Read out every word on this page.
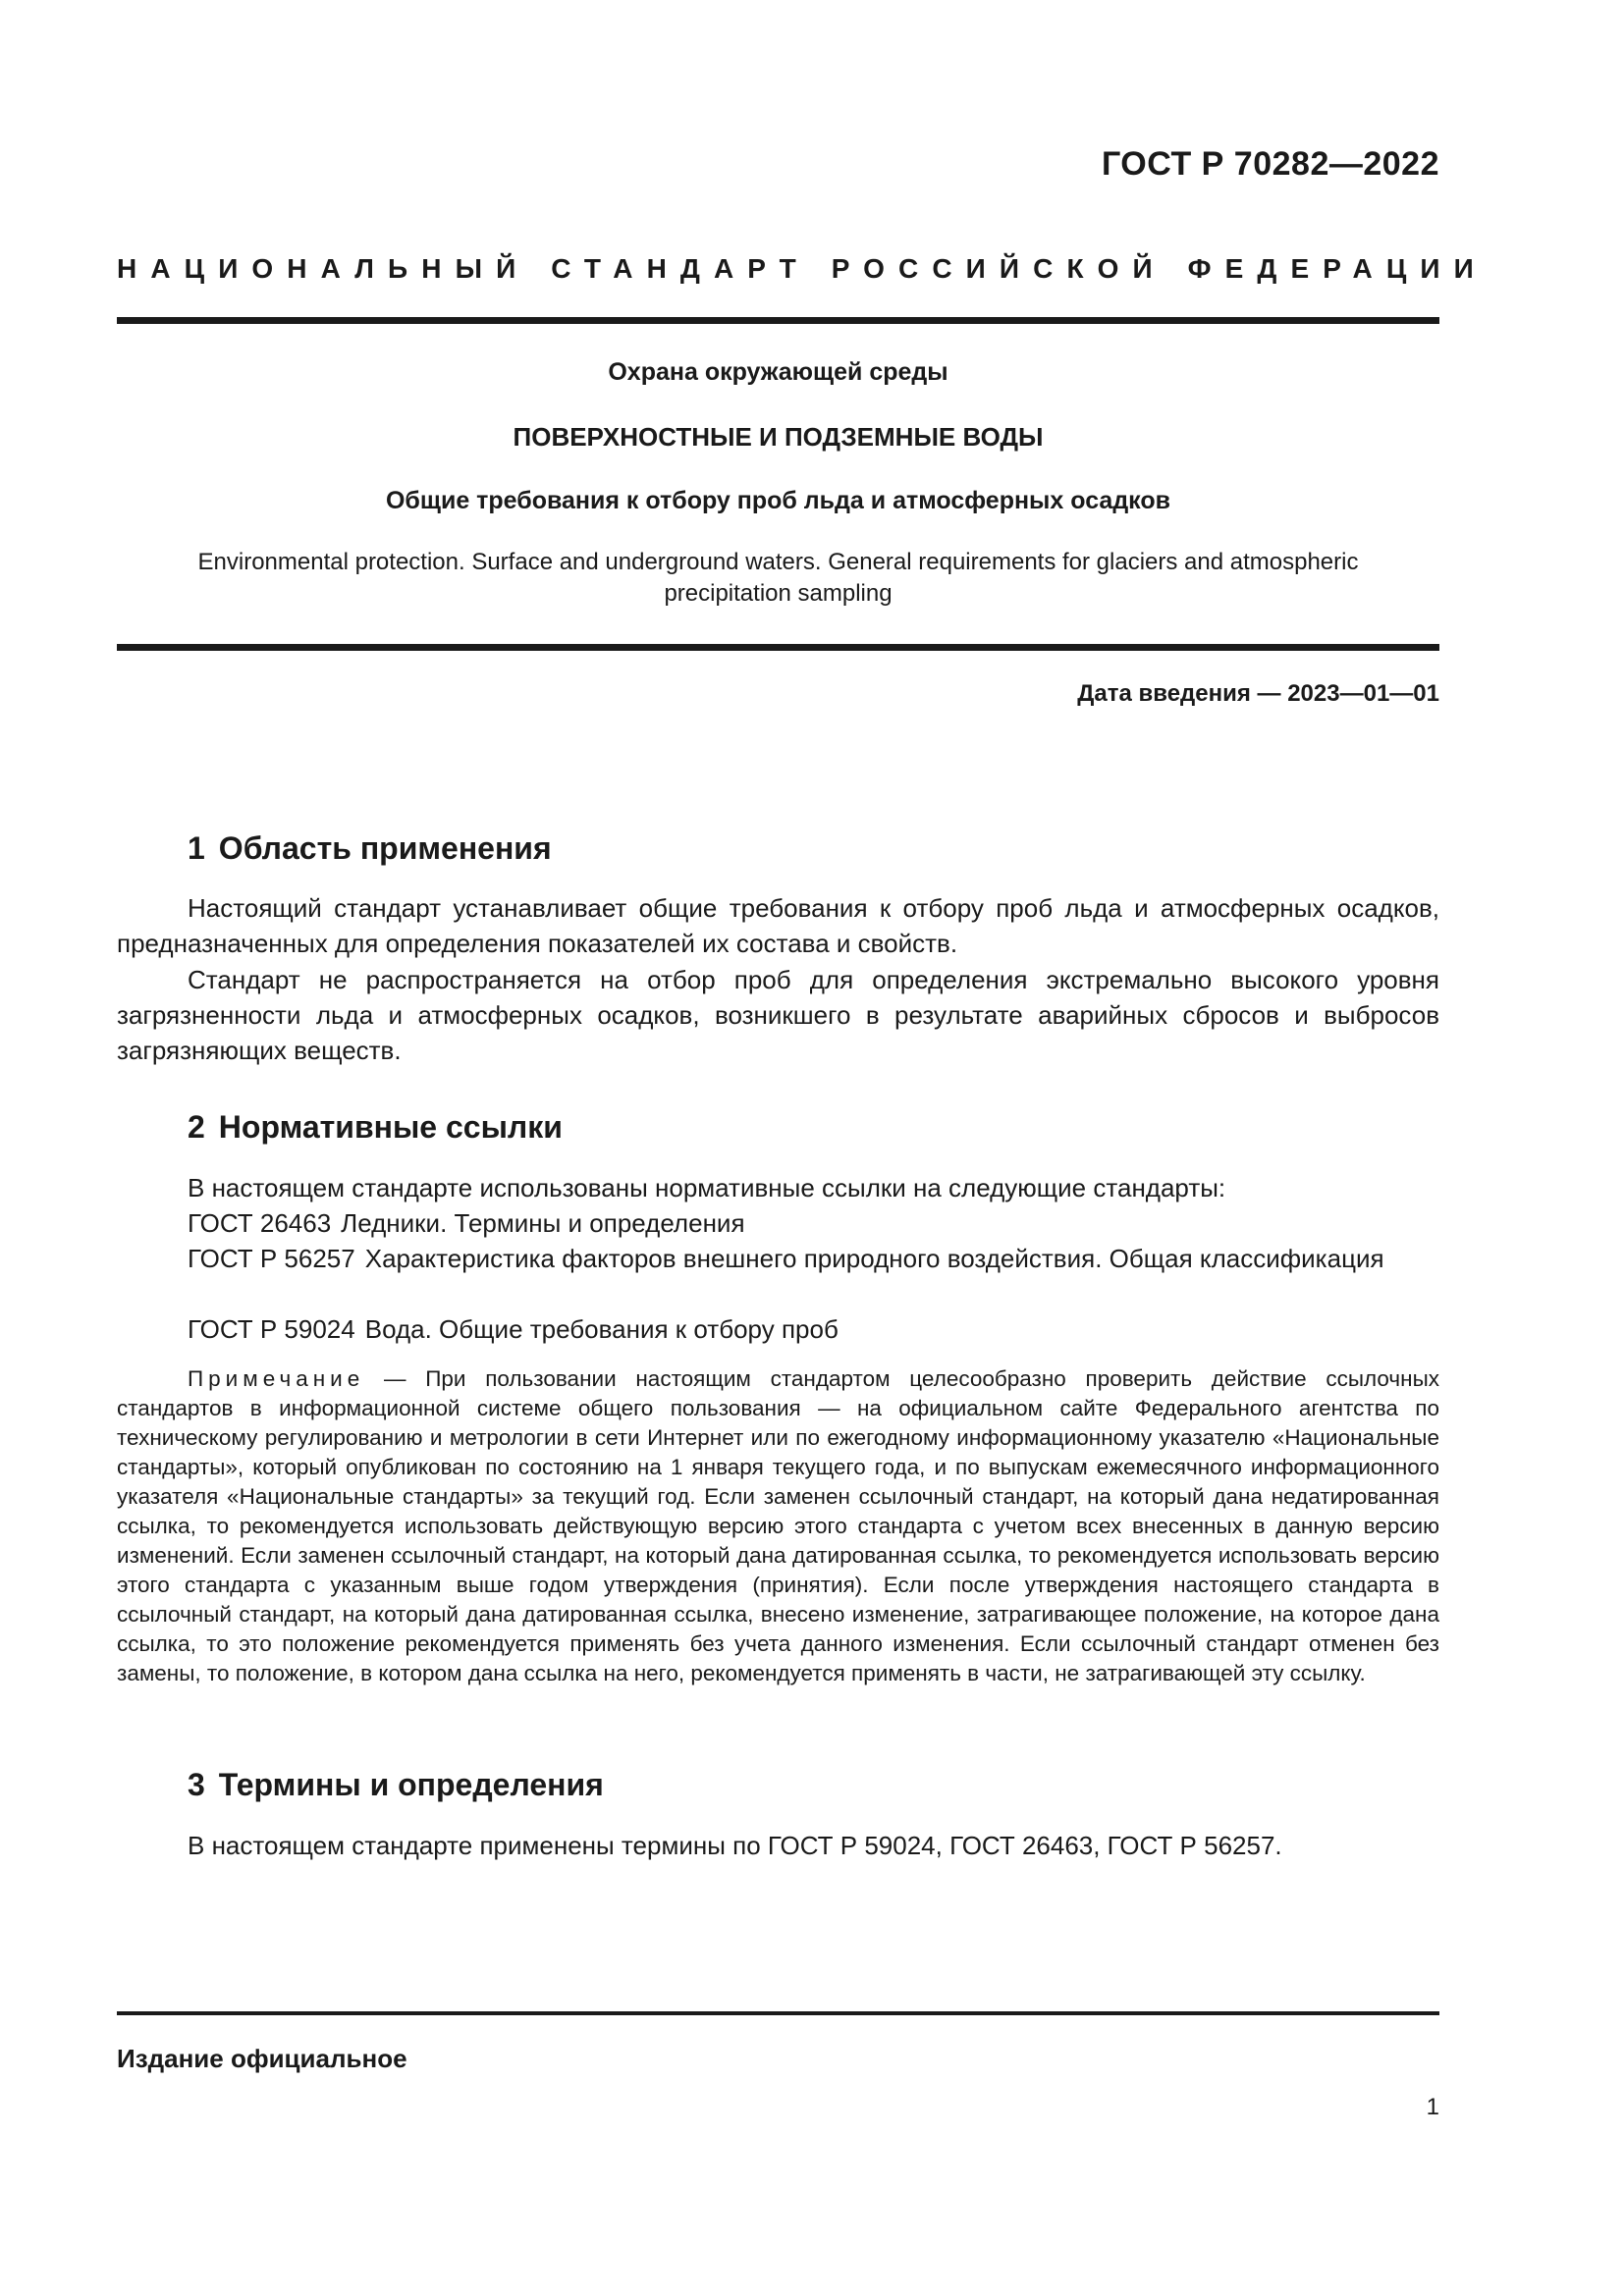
ГОСТ Р 70282—2022
НАЦИОНАЛЬНЫЙ СТАНДАРТ РОССИЙСКОЙ ФЕДЕРАЦИИ
Охрана окружающей среды
ПОВЕРХНОСТНЫЕ И ПОДЗЕМНЫЕ ВОДЫ
Общие требования к отбору проб льда и атмосферных осадков
Environmental protection. Surface and underground waters. General requirements for glaciers and atmospheric precipitation sampling
Дата введения — 2023—01—01
1 Область применения

Настоящий стандарт устанавливает общие требования к отбору проб льда и атмосферных осадков, предназначенных для определения показателей их состава и свойств.

Стандарт не распространяется на отбор проб для определения экстремально высокого уровня загрязненности льда и атмосферных осадков, возникшего в результате аварийных сбросов и выбросов загрязняющих веществ.

2 Нормативные ссылки

В настоящем стандарте использованы нормативные ссылки на следующие стандарты:

ГОСТ 26463 Ледники. Термины и определения

ГОСТ Р 56257 Характеристика факторов внешнего природного воздействия. Общая классификация

ГОСТ Р 59024 Вода. Общие требования к отбору проб

Примечание — При пользовании настоящим стандартом целесообразно проверить действие ссылочных стандартов в информационной системе общего пользования — на официальном сайте Федерального агентства по техническому регулированию и метрологии в сети Интернет или по ежегодному информационному указателю «Национальные стандарты», который опубликован по состоянию на 1 января текущего года, и по выпускам ежемесячного информационного указателя «Национальные стандарты» за текущий год. Если заменен ссылочный стандарт, на который дана недатированная ссылка, то рекомендуется использовать действующую версию этого стандарта с учетом всех внесенных в данную версию изменений. Если заменен ссылочный стандарт, на который дана датированная ссылка, то рекомендуется использовать версию этого стандарта с указанным выше годом утверждения (принятия). Если после утверждения настоящего стандарта в ссылочный стандарт, на который дана датированная ссылка, внесено изменение, затрагивающее положение, на которое дана ссылка, то это положение рекомендуется применять без учета данного изменения. Если ссылочный стандарт отменен без замены, то положение, в котором дана ссылка на него, рекомендуется применять в части, не затрагивающей эту ссылку.

3 Термины и определения

В настоящем стандарте применены термины по ГОСТ Р 59024, ГОСТ 26463, ГОСТ Р 56257.

Издание официальное
1
